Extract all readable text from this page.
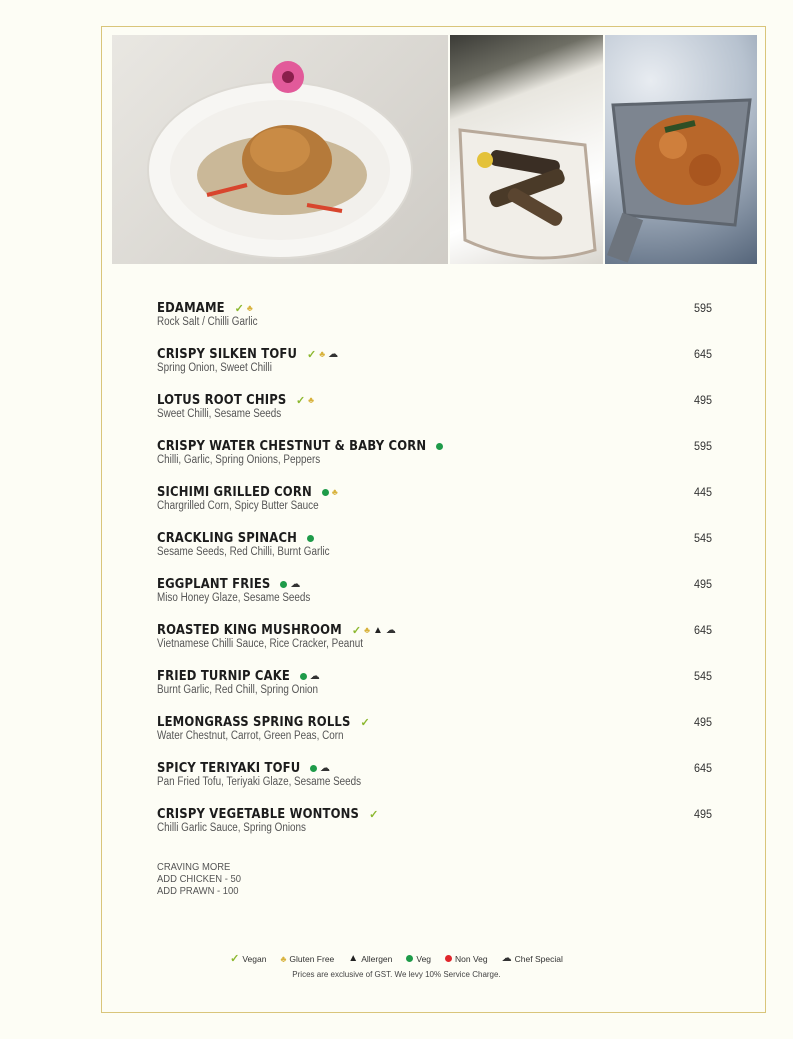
EDAMAME ✓ ♣
Rock Salt / Chilli Garlic
595
CRISPY SILKEN TOFU ✓ ♣ ☁
Spring Onion, Sweet Chilli
645
LOTUS ROOT CHIPS ✓ ♣
Sweet Chilli, Sesame Seeds
495
CRISPY WATER CHESTNUT & BABY CORN
Chilli, Garlic, Spring Onions, Peppers
595
SICHIMI GRILLED CORN ♣
Chargrilled Corn, Spicy Butter Sauce
445
CRACKLING SPINACH
Sesame Seeds, Red Chilli, Burnt Garlic
545
EGGPLANT FRIES ☁
Miso Honey Glaze, Sesame Seeds
495
ROASTED KING MUSHROOM ✓ ♣ ▲ ☁
Vietnamese Chilli Sauce, Rice Cracker, Peanut
645
FRIED TURNIP CAKE ☁
Burnt Garlic, Red Chill, Spring Onion
545
LEMONGRASS SPRING ROLLS ✓
Water Chestnut, Carrot, Green Peas, Corn
495
SPICY TERIYAKI TOFU ☁
Pan Fried Tofu, Teriyaki Glaze, Sesame Seeds
645
CRISPY VEGETABLE WONTONS ✓
Chilli Garlic Sauce, Spring Onions
495
CRAVING MORE
ADD CHICKEN - 50
ADD PRAWN - 100
✓ Vegan ♣ Gluten Free ▲ Allergen	Veg	Non Veg ☁ Chef Special
Prices are exclusive of GST. We levy 10% Service Charge.
